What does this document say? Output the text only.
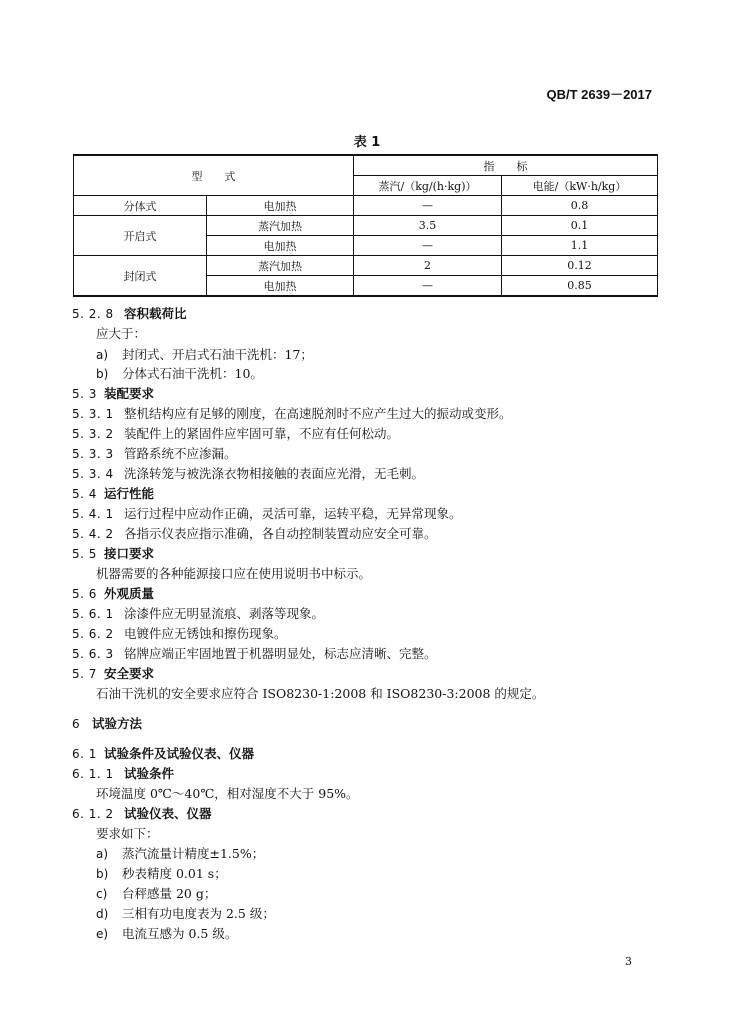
QB/T 2639－2017
表 1
型　　式		指　　标	
		蒸汽/（kg/(h·kg)）	电能/（kW·h/kg）
分体式	电加热	—	0.8
开启式	蒸汽加热	3.5	0.1
	电加热	—	1.1
封闭式	蒸汽加热	2	0.12
	电加热	—	0.85
5. 2. 8 容积载荷比
应大于：
a) 封闭式、开启式石油干洗机：17；
b) 分体式石油干洗机：10。
5. 3 装配要求
5. 3. 1 整机结构应有足够的刚度，在高速脱剂时不应产生过大的振动或变形。
5. 3. 2 装配件上的紧固件应牢固可靠，不应有任何松动。
5. 3. 3 管路系统不应渗漏。
5. 3. 4 洗涤转笼与被洗涤衣物相接触的表面应光滑，无毛刺。
5. 4 运行性能
5. 4. 1 运行过程中应动作正确，灵活可靠，运转平稳，无异常现象。
5. 4. 2 各指示仪表应指示准确，各自动控制装置动应安全可靠。
5. 5 接口要求
机器需要的各种能源接口应在使用说明书中标示。
5. 6 外观质量
5. 6. 1 涂漆件应无明显流痕、剥落等现象。
5. 6. 2 电镀件应无锈蚀和擦伤现象。
5. 6. 3 铭牌应端正牢固地置于机器明显处，标志应清晰、完整。
5. 7 安全要求
石油干洗机的安全要求应符合 ISO8230-1:2008 和 ISO8230-3:2008 的规定。
6 试验方法
6. 1 试验条件及试验仪表、仪器
6. 1. 1 试验条件
环境温度 0℃～40℃，相对湿度不大于 95%。
6. 1. 2 试验仪表、仪器
要求如下：
a) 蒸汽流量计精度±1.5%；
b) 秒表精度 0.01 s；
c) 台秤感量 20 g；
d) 三相有功电度表为 2.5 级；
e) 电流互感为 0.5 级。
3
